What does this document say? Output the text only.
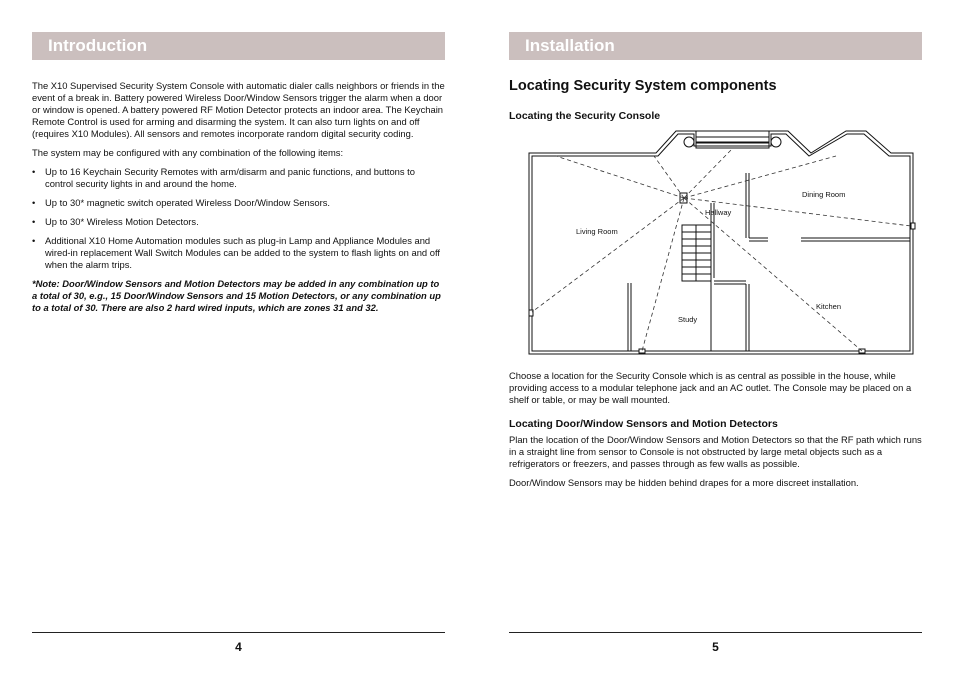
Introduction

The X10 Supervised Security System Console with automatic dialer calls neighbors or friends in the event of a break in. Battery powered Wireless Door/Window Sensors trigger the alarm when a door or window is opened. A battery powered RF Motion Detector protects an indoor area. The Keychain Remote Control is used for arming and disarming the system. It can also turn lights on and off (requires X10 Modules). All sensors and remotes incorporate random digital security coding.

The system may be configured with any combination of the following items:

• Up to 16 Keychain Security Remotes with arm/disarm and panic functions, and buttons to control security lights in and around the home.
• Up to 30* magnetic switch operated Wireless Door/Window Sensors.
• Up to 30* Wireless Motion Detectors.
• Additional X10 Home Automation modules such as plug-in Lamp and Appliance Modules and wired-in replacement Wall Switch Modules can be added to the system to flash lights on and off when the alarm trips.

*Note: Door/Window Sensors and Motion Detectors may be added in any combination up to a total of 30, e.g., 15 Door/Window Sensors and 15 Motion Detectors, or any combination up to a total of 30. There are also 2 hard wired inputs, which are zones 31 and 32.

4
Installation
Locating Security System components
Locating the Security Console
Living Room
Hallway
Dining Room
Kitchen
Study

Choose a location for the Security Console which is as central as possible in the house, while providing access to a modular telephone jack and an AC outlet. The Console may be placed on a shelf or table, or may be wall mounted.

Locating Door/Window Sensors and Motion Detectors

Plan the location of the Door/Window Sensors and Motion Detectors so that the RF path which runs in a straight line from sensor to Console is not obstructed by large metal objects such as a refrigerators or freezers, and passes through as few walls as possible.

Door/Window Sensors may be hidden behind drapes for a more discreet installation.

5
